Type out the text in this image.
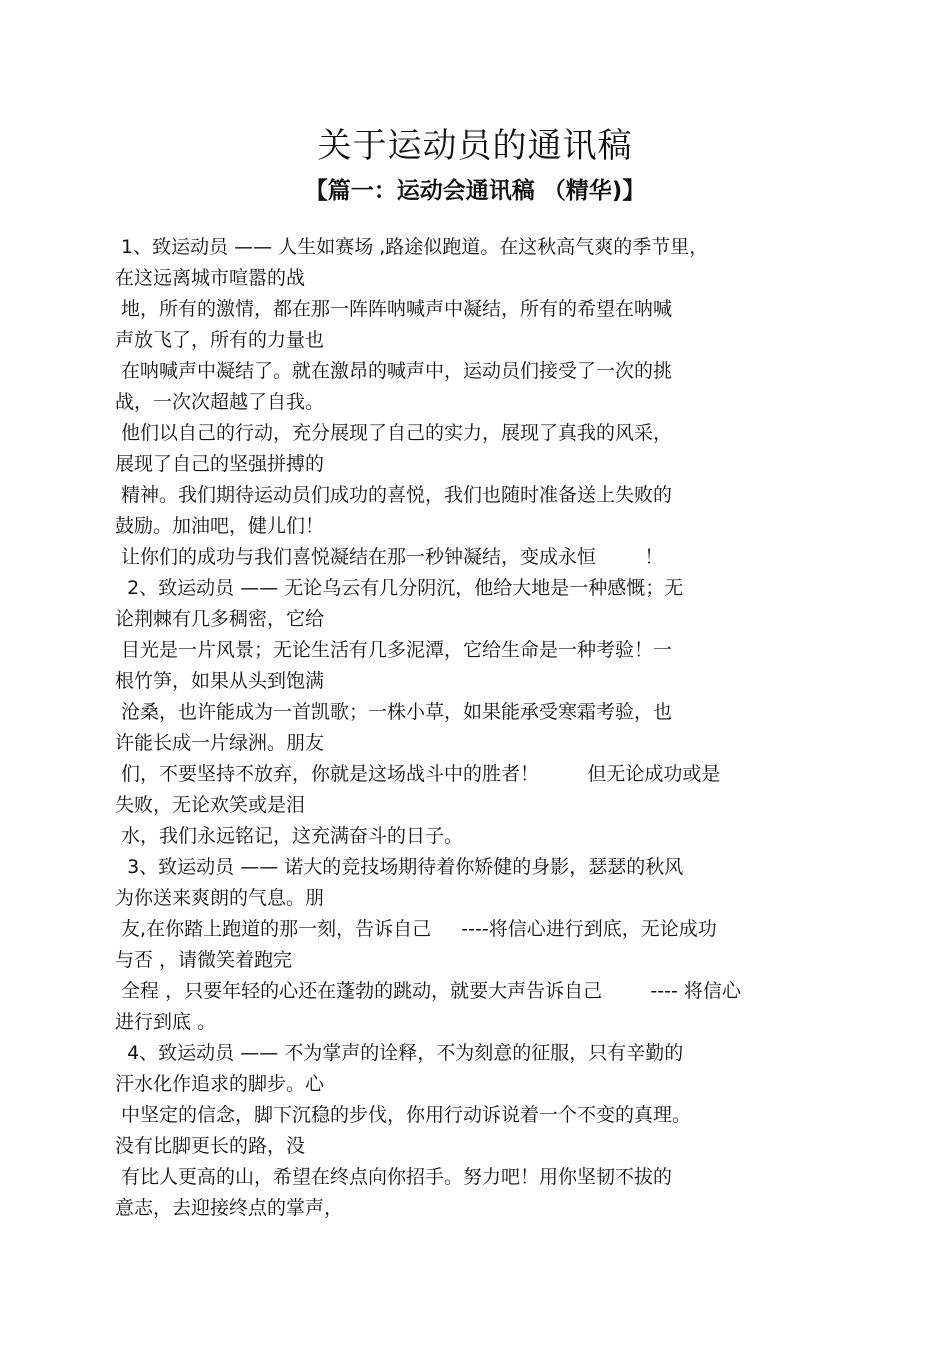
关于运动员的通讯稿
【篇一：运动会通讯稿 （精华)】
1、致运动员 —— 人生如赛场 ,路途似跑道。在这秋高气爽的季节里，
在这远离城市喧嚣的战
地，所有的激情，都在那一阵阵呐喊声中凝结，所有的希望在呐喊
声放飞了，所有的力量也
在呐喊声中凝结了。就在激昂的喊声中，运动员们接受了一次的挑
战，一次次超越了自我。
他们以自己的行动，充分展现了自己的实力，展现了真我的风采，
展现了自己的坚强拼搏的
精神。我们期待运动员们成功的喜悦，我们也随时准备送上失败的
鼓励。加油吧，健儿们！
让你们的成功与我们喜悦凝结在那一秒钟凝结，变成永恒        ！
2、致运动员 —— 无论乌云有几分阴沉，他给大地是一种感慨；无
论荆棘有几多稠密，它给
目光是一片风景；无论生活有几多泥潭，它给生命是一种考验！一
根竹笋，如果从头到饱满
沧桑，也许能成为一首凯歌；一株小草，如果能承受寒霜考验，也
许能长成一片绿洲。朋友
们，不要坚持不放弃，你就是这场战斗中的胜者！        但无论成功或是
失败，无论欢笑或是泪
水，我们永远铭记，这充满奋斗的日子。
3、致运动员 —— 诺大的竞技场期待着你矫健的身影，瑟瑟的秋风
为你送来爽朗的气息。朋
友,在你踏上跑道的那一刻，告诉自己     ----将信心进行到底，无论成功
与否 ，请微笑着跑完
全程 ，只要年轻的心还在蓬勃的跳动，就要大声告诉自己        ---- 将信心
进行到底 。
4、致运动员 —— 不为掌声的诠释，不为刻意的征服，只有辛勤的
汗水化作追求的脚步。心
中坚定的信念，脚下沉稳的步伐，你用行动诉说着一个不变的真理。
没有比脚更长的路，没
有比人更高的山，希望在终点向你招手。努力吧！用你坚韧不拔的
意志，去迎接终点的掌声，
